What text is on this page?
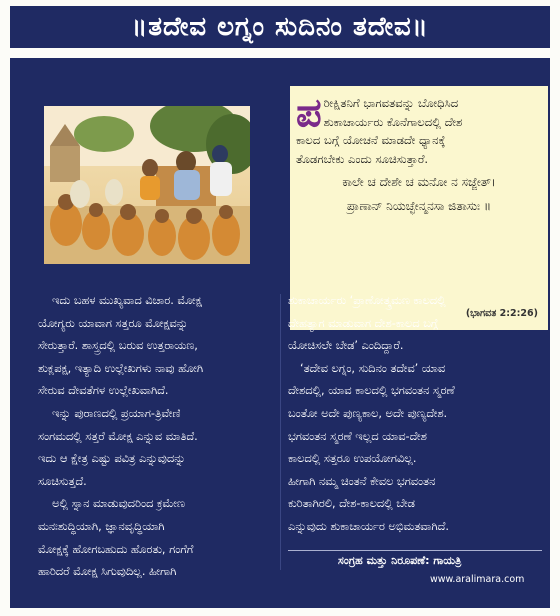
॥ತದೇವ ಲಗ್ನಂ ಸುದಿನಂ ತದೇವ॥
ಪ ರೀಕ್ಷಿತನಿಗೆ ಭಾಗವತವನ್ನು ಬೋಧಿಸಿದ
ಶುಕಾಚಾರ್ಯರು ಕೊನೆಗಾಲದಲ್ಲಿ ದೇಶ
ಕಾಲದ ಬಗ್ಗೆ ಯೋಚನೆ ಮಾಡದೇ ಧ್ಯಾನಕ್ಕೆ
ತೊಡಗಬೇಕು ಎಂದು ಸೂಚಿಸುತ್ತಾರೆ.
ಕಾಲೇ ಚ ದೇಶೇ ಚ ಮನೋ ನ ಸಜ್ಜೇತ್।
ಪ್ರಾಣಾನ್ ನಿಯಚ್ಛೇನ್ಮನಸಾ ಜಿತಾಸುಃ ॥
(ಭಾಗವತ 2:2:26)
ಇದು ಬಹಳ ಮುಖ್ಯವಾದ ವಿಚಾರ. ಮೋಕ್ಷ
ಯೋಗ್ಯರು ಯಾವಾಗ ಸತ್ತರೂ ಮೋಕ್ಷವನ್ನು
ಸೇರುತ್ತಾರೆ. ಶಾಸ್ತ್ರದಲ್ಲಿ ಬರುವ ಉತ್ತರಾಯಣ,
ಶುಕ್ಲಪಕ್ಷ, ಇತ್ಯಾದಿ ಉಲ್ಲೇಖಗಳು ನಾವು ಹೋಗಿ
ಸೇರುವ ದೇವತೆಗಳ ಉಲ್ಲೇಖವಾಗಿದೆ.
ಇನ್ನು ಪುರಾಣದಲ್ಲಿ ಪ್ರಯಾಗ-ತ್ರಿವೇಣಿ
ಸಂಗಮದಲ್ಲಿ ಸತ್ತರೆ ಮೋಕ್ಷ ಎನ್ನುವ ಮಾತಿದೆ.
ಇದು ಆ ಕ್ಷೇತ್ರ ಎಷ್ಟು ಪವಿತ್ರ ಎನ್ನುವುದನ್ನು
ಸೂಚಿಸುತ್ತದೆ.
ಅಲ್ಲಿ ಸ್ನಾನ ಮಾಡುವುದರಿಂದ ಕ್ರಮೇಣ
ಮನಃಶುದ್ಧಿಯಾಗಿ, ಜ್ಞಾನವೃದ್ಧಿಯಾಗಿ
ಮೋಕ್ಷಕ್ಕೆ ಹೋಗಬಹುದು ಹೊರತು, ಗಂಗೆಗೆ
ಹಾರಿದರೆ ಮೋಕ್ಷ ಸಿಗುವುದಿಲ್ಲ. ಹೀಗಾಗಿ
ಶುಕಾಚಾರ್ಯರು ‘ಪ್ರಾಣೋತ್ಕ್ರಮಣ ಕಾಲದಲ್ಲಿ
ದೇಹತ್ಯಾಗ ಮಾಡುವಾಗ ದೇಶ-ಕಾಲದ ಬಗ್ಗೆ
ಯೋಚಿಸಲೇ ಬೇಡ’ ಎಂದಿದ್ದಾರೆ.
‘ತದೇವ ಲಗ್ನಂ, ಸುದಿನಂ ತದೇವ’ ಯಾವ
ದೇಶದಲ್ಲಿ, ಯಾವ ಕಾಲದಲ್ಲಿ ಭಗವಂತನ ಸ್ಮರಣೆ
ಬಂತೋ ಅದೇ ಪುಣ್ಯಕಾಲ, ಅದೇ ಪುಣ್ಯದೇಶ.
ಭಗವಂತನ ಸ್ಮರಣೆ ಇಲ್ಲದ ಯಾವ-ದೇಶ
ಕಾಲದಲ್ಲಿ ಸತ್ತರೂ ಉಪಯೋಗವಿಲ್ಲ.
ಹೀಗಾಗಿ ನಮ್ಮ ಚಿಂತನೆ ಕೇವಲ ಭಗವಂತನ
ಕುರಿತಾಗಿರಲಿ, ದೇಶ-ಕಾಲದಲ್ಲಿ ಬೇಡ
ಎನ್ನುವುದು ಶುಕಾಚಾರ್ಯರ ಅಭಿಮತವಾಗಿದೆ.
ಸಂಗ್ರಹ ಮತ್ತು ನಿರೂಪಣೆ: ಗಾಯತ್ರಿ
www.aralimara.com
